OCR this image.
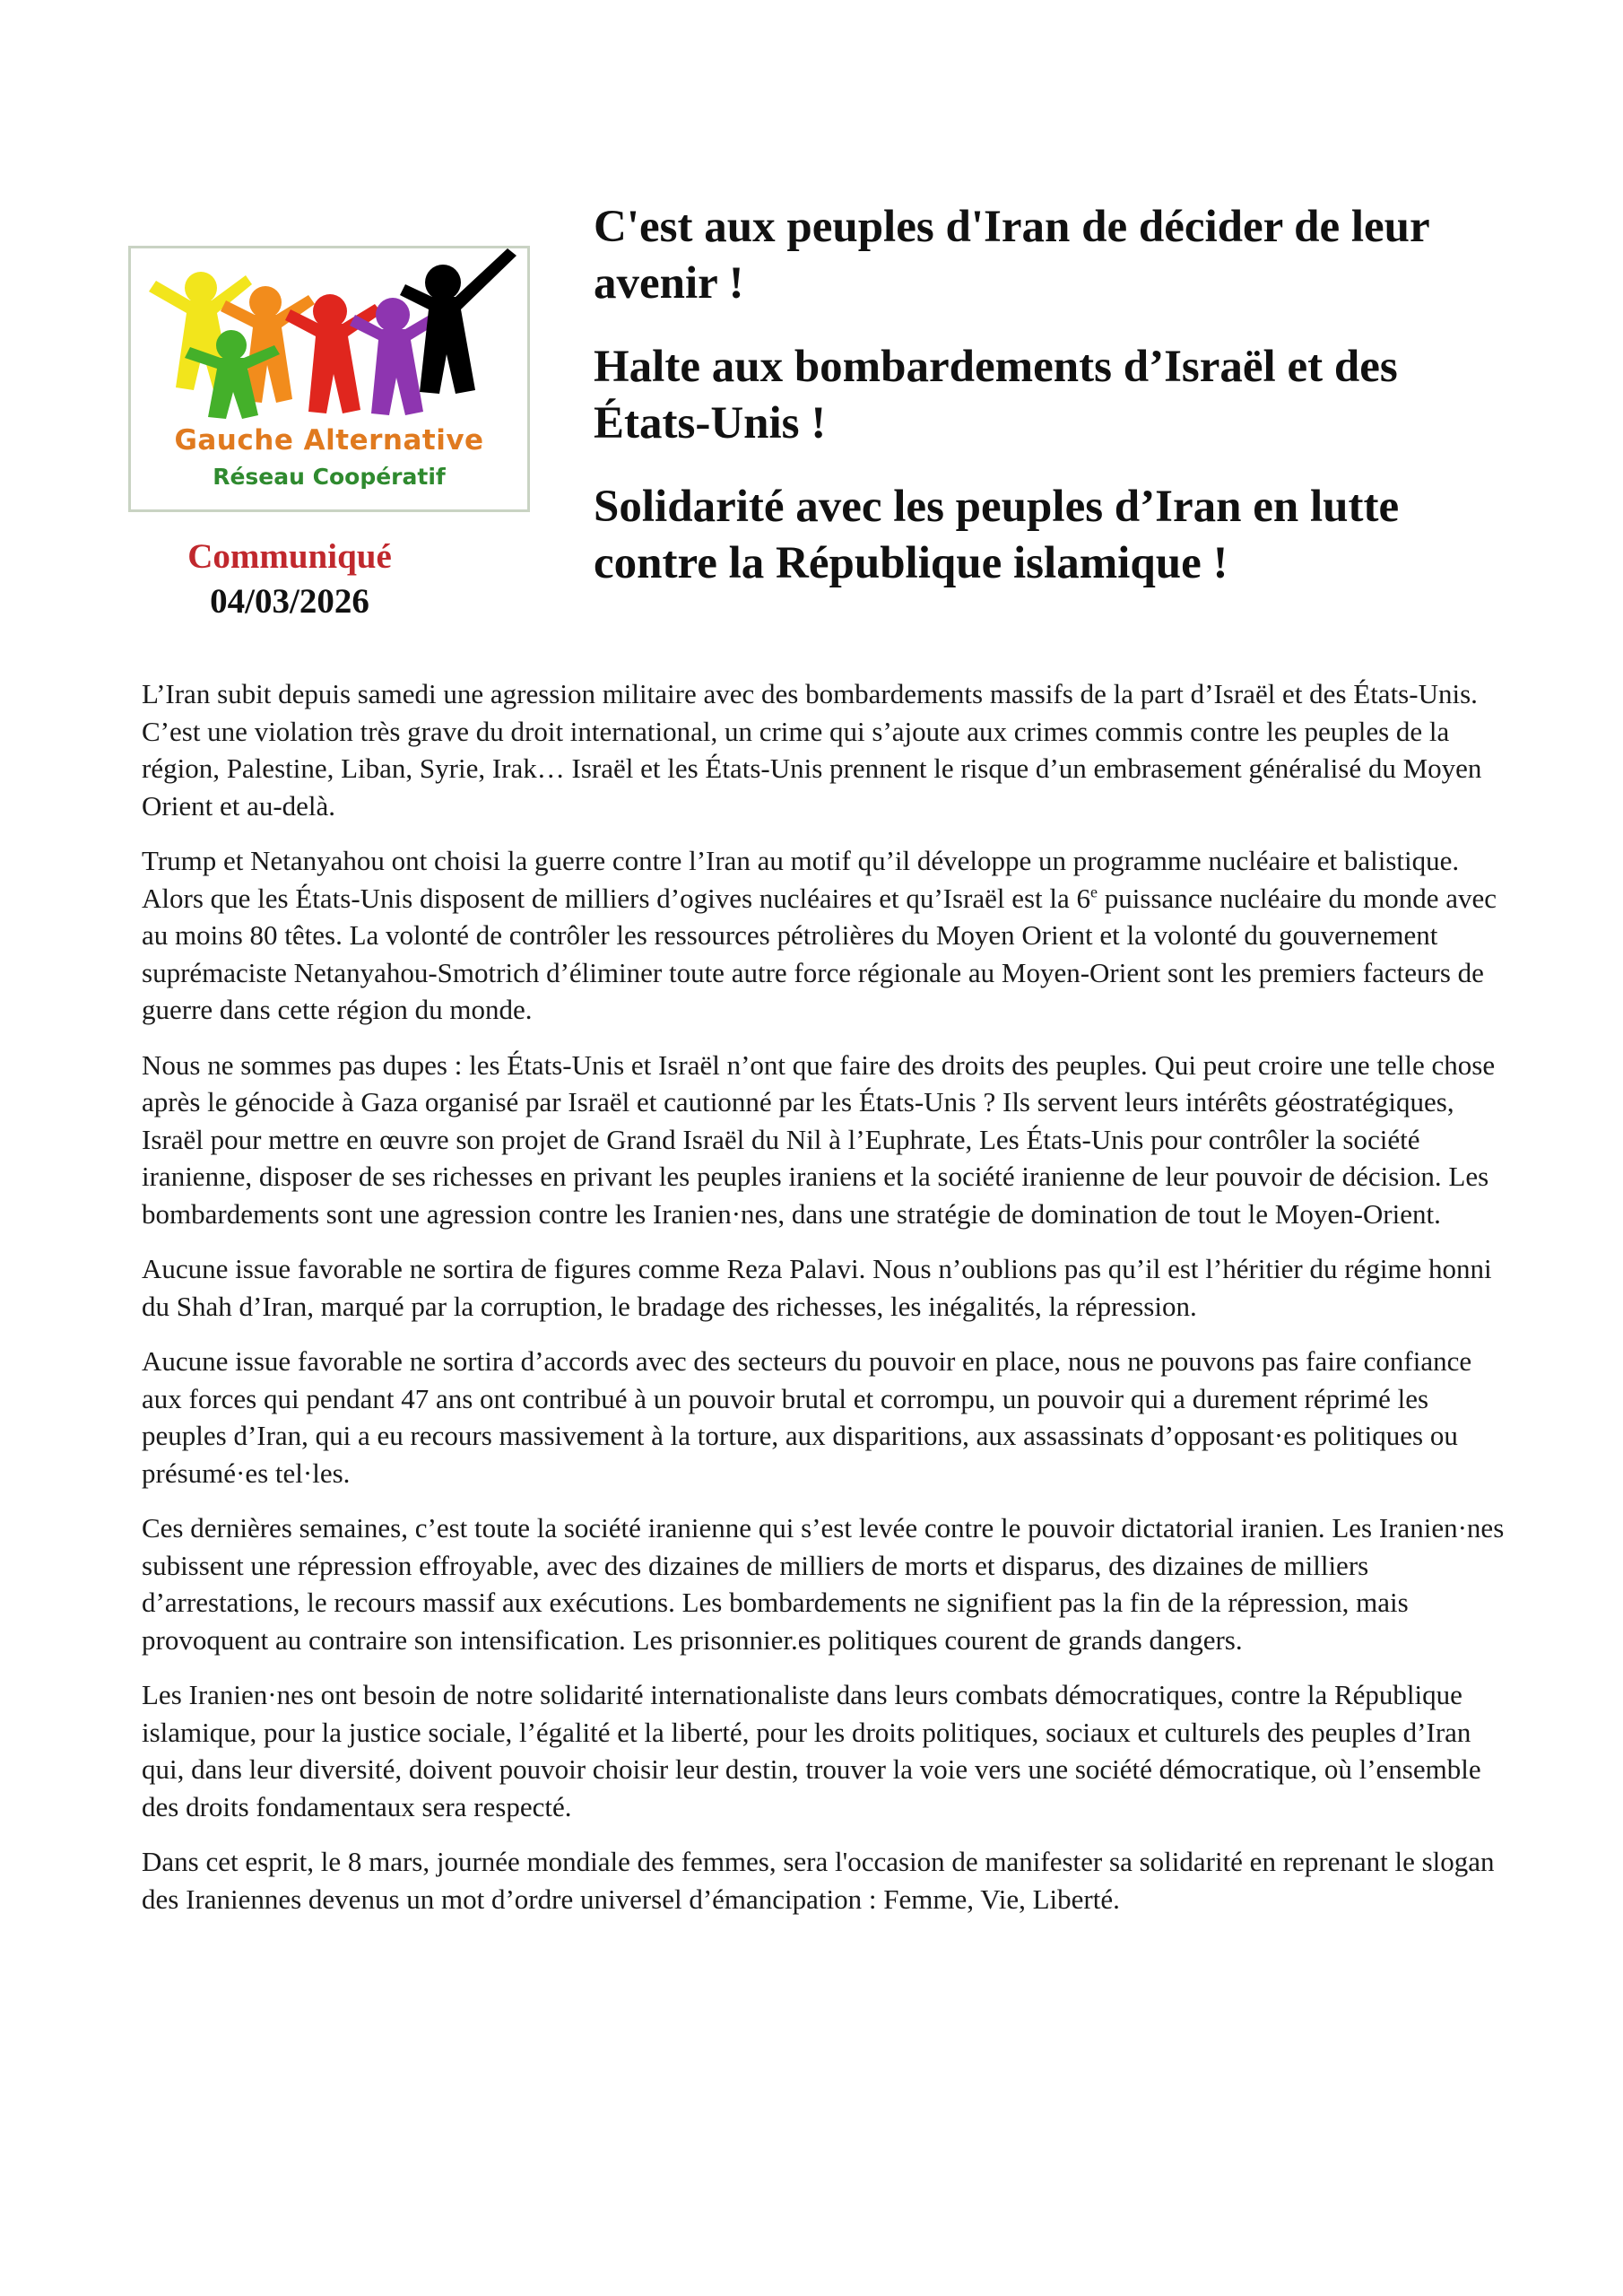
Gauche Alternative
Réseau Coopératif
Communiqué
04/03/2026
C'est aux peuples d'Iran de décider de leur avenir !
Halte aux bombardements d’Israël et des États-Unis !
Solidarité avec les peuples d’Iran en lutte contre la République islamique !

L’Iran subit depuis samedi une agression militaire avec des bombardements massifs de la part d’Israël et des États-Unis. C’est une violation très grave du droit international, un crime qui s’ajoute aux crimes commis contre les peuples de la région, Palestine, Liban, Syrie, Irak… Israël et les États-Unis prennent le risque d’un embrasement généralisé du Moyen Orient et au-delà.

Trump et Netanyahou ont choisi la guerre contre l’Iran au motif qu’il développe un programme nucléaire et balistique. Alors que les États-Unis disposent de milliers d’ogives nucléaires et qu’Israël est la 6e puissance nucléaire du monde avec au moins 80 têtes. La volonté de contrôler les ressources pétrolières du Moyen Orient et la volonté du gouvernement suprémaciste Netanyahou-Smotrich d’éliminer toute autre force régionale au Moyen-Orient sont les premiers facteurs de guerre dans cette région du monde.

Nous ne sommes pas dupes : les États-Unis et Israël n’ont que faire des droits des peuples. Qui peut croire une telle chose après le génocide à Gaza organisé par Israël et cautionné par les États-Unis ? Ils servent leurs intérêts géostratégiques, Israël pour mettre en œuvre son projet de Grand Israël du Nil à l’Euphrate, Les États-Unis pour contrôler la société iranienne, disposer de ses richesses en privant les peuples iraniens et la société iranienne de leur pouvoir de décision. Les bombardements sont une agression contre les Iranien·nes, dans une stratégie de domination de tout le Moyen-Orient.

Aucune issue favorable ne sortira de figures comme Reza Palavi. Nous n’oublions pas qu’il est l’héritier du régime honni du Shah d’Iran, marqué par la corruption, le bradage des richesses, les inégalités, la répression.

Aucune issue favorable ne sortira d’accords avec des secteurs du pouvoir en place, nous ne pouvons pas faire confiance aux forces qui pendant 47 ans ont contribué à un pouvoir brutal et corrompu, un pouvoir qui a durement réprimé les peuples d’Iran, qui a eu recours massivement à la torture, aux disparitions, aux assassinats d’opposant·es politiques ou présumé·es tel·les.

Ces dernières semaines, c’est toute la société iranienne qui s’est levée contre le pouvoir dictatorial iranien. Les Iranien·nes subissent une répression effroyable, avec des dizaines de milliers de morts et disparus, des dizaines de milliers d’arrestations, le recours massif aux exécutions. Les bombardements ne signifient pas la fin de la répression, mais provoquent au contraire son intensification. Les prisonnier.es politiques courent de grands dangers.

Les Iranien·nes ont besoin de notre solidarité internationaliste dans leurs combats démocratiques, contre la République islamique, pour la justice sociale, l’égalité et la liberté, pour les droits politiques, sociaux et culturels des peuples d’Iran qui, dans leur diversité, doivent pouvoir choisir leur destin, trouver la voie vers une société démocratique, où l’ensemble des droits fondamentaux sera respecté.

Dans cet esprit, le 8 mars, journée mondiale des femmes, sera l'occasion de manifester sa solidarité en reprenant le slogan des Iraniennes devenus un mot d’ordre universel d’émancipation : Femme, Vie, Liberté.
